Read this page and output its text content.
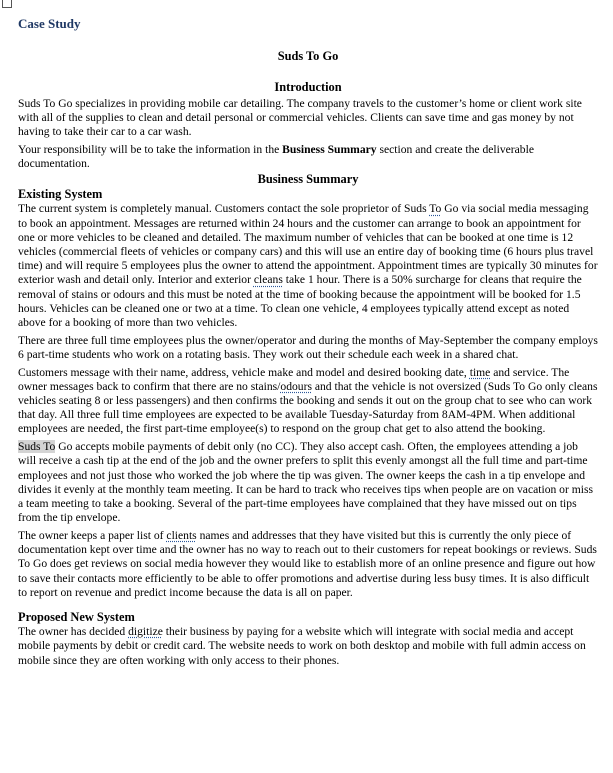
Case Study
Suds To Go
Introduction

Suds To Go specializes in providing mobile car detailing. The company travels to the customer’s home or client work site with all of the supplies to clean and detail personal or commercial vehicles. Clients can save time and gas money by not having to take their car to a car wash.

Your responsibility will be to take the information in the Business Summary section and create the deliverable documentation.

Business Summary
Existing System

The current system is completely manual. Customers contact the sole proprietor of Suds To Go via social media messaging to book an appointment. Messages are returned within 24 hours and the customer can arrange to book an appointment for one or more vehicles to be cleaned and detailed. The maximum number of vehicles that can be booked at one time is 12 vehicles (commercial fleets of vehicles or company cars) and this will use an entire day of booking time (6 hours plus travel time) and will require 5 employees plus the owner to attend the appointment. Appointment times are typically 30 minutes for exterior wash and detail only. Interior and exterior cleans take 1 hour. There is a 50% surcharge for cleans that require the removal of stains or odours and this must be noted at the time of booking because the appointment will be booked for 1.5 hours. Vehicles can be cleaned one or two at a time. To clean one vehicle, 4 employees typically attend except as noted above for a booking of more than two vehicles.

There are three full time employees plus the owner/operator and during the months of May-September the company employs 6 part-time students who work on a rotating basis. They work out their schedule each week in a shared chat.

Customers message with their name, address, vehicle make and model and desired booking date, time and service. The owner messages back to confirm that there are no stains/odours and that the vehicle is not oversized (Suds To Go only cleans vehicles seating 8 or less passengers) and then confirms the booking and sends it out on the group chat to see who can work that day. All three full time employees are expected to be available Tuesday-Saturday from 8AM-4PM. When additional employees are needed, the first part-time employee(s) to respond on the group chat get to also attend the booking.

Suds To Go accepts mobile payments of debit only (no CC). They also accept cash. Often, the employees attending a job will receive a cash tip at the end of the job and the owner prefers to split this evenly amongst all the full time and part-time employees and not just those who worked the job where the tip was given. The owner keeps the cash in a tip envelope and divides it evenly at the monthly team meeting. It can be hard to track who receives tips when people are on vacation or miss a team meeting to take a booking. Several of the part-time employees have complained that they have missed out on tips from the tip envelope.

The owner keeps a paper list of clients names and addresses that they have visited but this is currently the only piece of documentation kept over time and the owner has no way to reach out to their customers for repeat bookings or reviews. Suds To Go does get reviews on social media however they would like to establish more of an online presence and figure out how to save their contacts more efficiently to be able to offer promotions and advertise during less busy times. It is also difficult to report on revenue and predict income because the data is all on paper.

Proposed New System

The owner has decided digitize their business by paying for a website which will integrate with social media and accept mobile payments by debit or credit card. The website needs to work on both desktop and mobile with full admin access on mobile since they are often working with only access to their phones.
